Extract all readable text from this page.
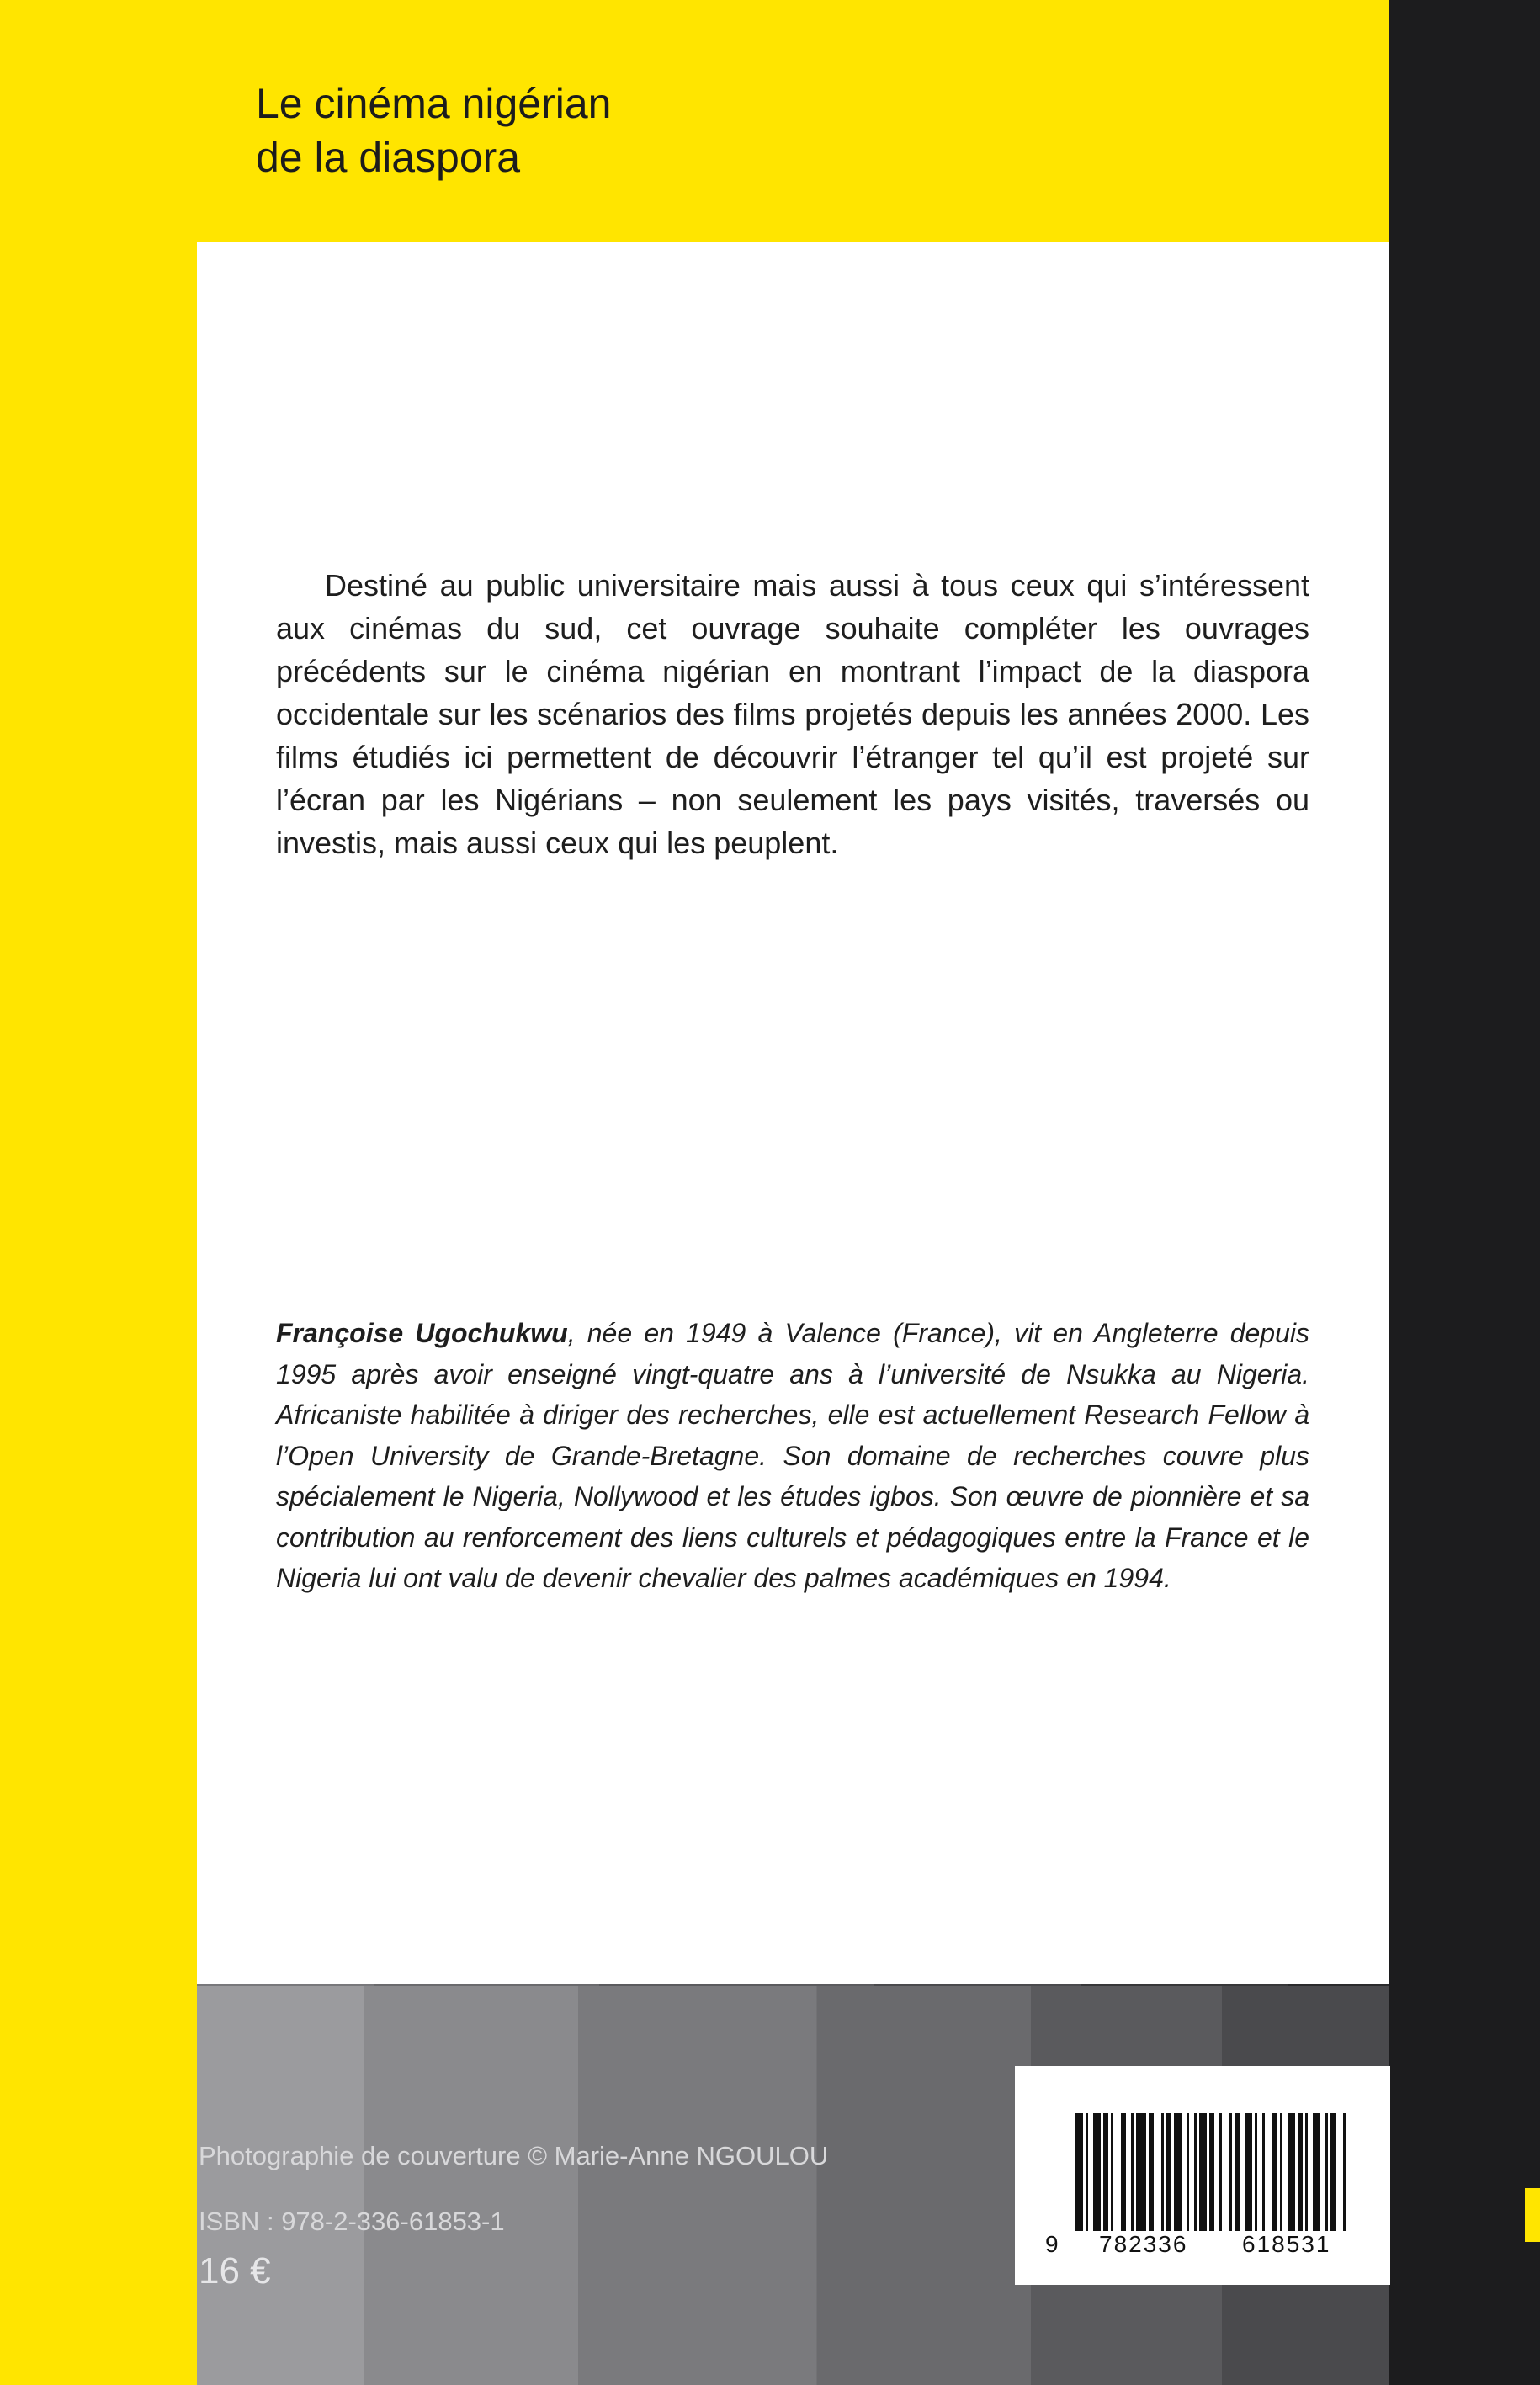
Le cinéma nigérian
de la diaspora

Destiné au public universitaire mais aussi à tous ceux qui s’intéressent aux cinémas du sud, cet ouvrage souhaite compléter les ouvrages précédents sur le cinéma nigérian en montrant l’impact de la diaspora occidentale sur les scénarios des films projetés depuis les années 2000. Les films étudiés ici permettent de découvrir l’étranger tel qu’il est projeté sur l’écran par les Nigérians – non seulement les pays visités, traversés ou investis, mais aussi ceux qui les peuplent.

Françoise Ugochukwu, née en 1949 à Valence (France), vit en Angleterre depuis 1995 après avoir enseigné vingt-quatre ans à l’université de Nsukka au Nigeria. Africaniste habilitée à diriger des recherches, elle est actuellement Research Fellow à l’Open University de Grande-Bretagne. Son domaine de recherches couvre plus spécialement le Nigeria, Nollywood et les études igbos. Son œuvre de pionnière et sa contribution au renforcement des liens culturels et pédagogiques entre la France et le Nigeria lui ont valu de devenir chevalier des palmes académiques en 1994.
Photographie de couverture © Marie-Anne NGOULOU
ISBN : 978-2-336-61853-1
16 €
9	782336	618531
